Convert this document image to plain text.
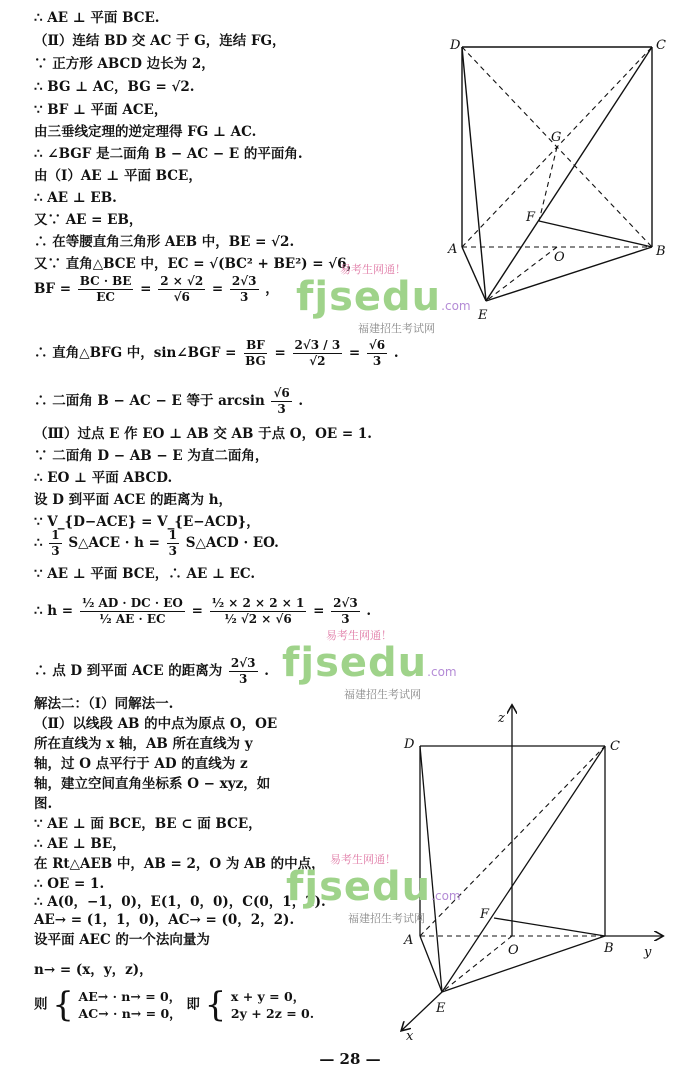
∴ AE ⊥ 平面 BCE.
（Ⅱ）连结 BD 交 AC 于 G，连结 FG，
∵ 正方形 ABCD 边长为 2，
∴ BG ⊥ AC，BG = √2.
∵ BF ⊥ 平面 ACE，
由三垂线定理的逆定理得 FG ⊥ AC.
∴ ∠BGF 是二面角 B − AC − E 的平面角.
由（Ⅰ）AE ⊥ 平面 BCE，
∴ AE ⊥ EB.
又∵ AE = EB，
∴ 在等腰直角三角形 AEB 中，BE = √2.
又∵ 直角△BCE 中，EC = √(BC² + BE²) = √6，
BF = $\frac{BC \cdot BE}{EC} = \frac{2 \times √2}{√6} = \frac{2√3}{3}$ ，
∴ 直角△BFG 中，sin∠BGF = $\frac{BF}{BG} = \frac{2√3 / 3}{√2} = \frac{√6}{3}$ .
∴ 二面角 B − AC − E 等于 $\arcsin \frac{√6}{3}$ .
（Ⅲ）过点 E 作 EO ⊥ AB 交 AB 于点 O，OE = 1.
∵ 二面角 D − AB − E 为直二面角，
∴ EO ⊥ 平面 ABCD.
设 D 到平面 ACE 的距离为 h，
∵ V_{D−ACE} = V_{E−ACD}，
∴ $\frac{1}{3}$ S△ACE · $h = \frac{1}{3}$ S△ACD · EO.
∵ AE ⊥ 平面 BCE，∴ AE ⊥ EC.
∴ $h = \frac{\text{½ AD · DC · EO}}{\text{½ AE · EC}} = \frac{\text{½ × 2 × 2 × 1}}{\text{½ √2 × √6}} = \frac{2√3}{3}$ .
∴ 点 D 到平面 ACE 的距离为 $\frac{2√3}{3}$ .
解法二：（Ⅰ）同解法一.
（Ⅱ）以线段 AB 的中点为原点 O，OE
所在直线为 x 轴，AB 所在直线为 y
轴，过 O 点平行于 AD 的直线为 z
轴，建立空间直角坐标系 O − xyz，如
图.
∵ AE ⊥ 面 BCE，BE ⊂ 面 BCE，
∴ AE ⊥ BE，
在 Rt△AEB 中，AB = 2，O 为 AB 的中点，
∴ OE = 1.
∴ A(0，−1，0)，E(1，0，0)，C(0，1，2).
AE→ = (1，1，0)，AC→ = (0，2，2).
设平面 AEC 的一个法向量为
n→ = (x，y，z)，
则 { AE→ · n→ = 0，
AC→ · n→ = 0，
即 { x + y = 0，
2y + 2z = 0.
D	C
G
F
A
O	B
E
z
D	C
F
A
O	B y
E
x
易考生网通！
fjsedu.com
福建招生考试网
易考生网通！
fjsedu.com
福建招生考试网
易考生网通！
fjsedu.com
福建招生考试网
— 28 —
